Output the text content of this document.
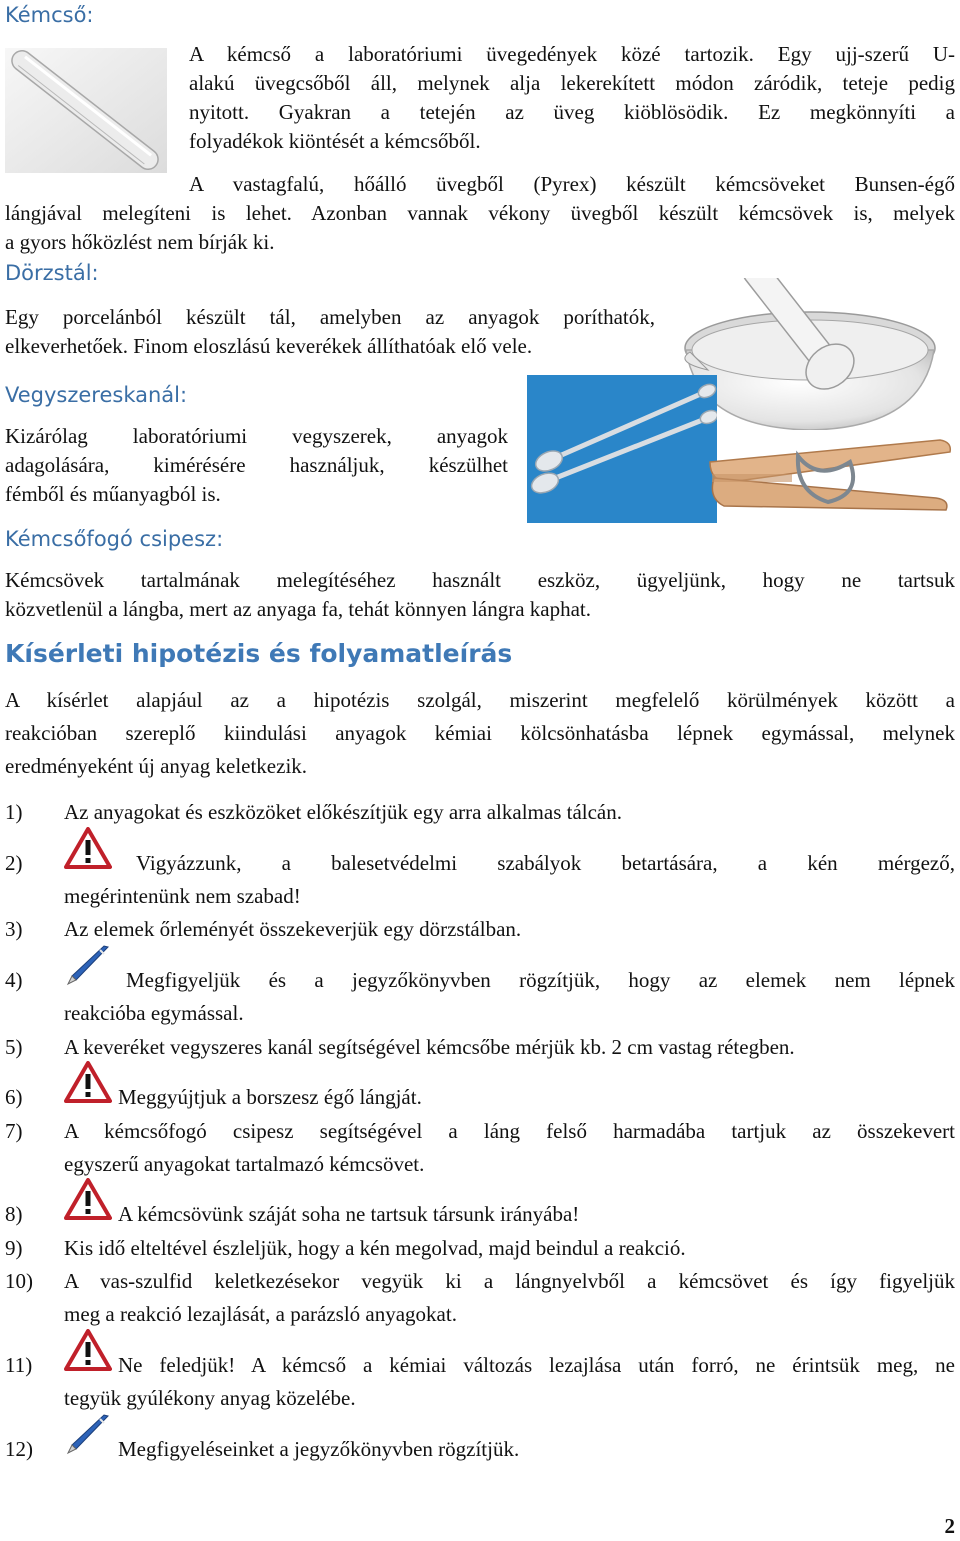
Kémcső:
A kémcső a laboratóriumi üvegedények közé tartozik. Egy ujj-szerű U-
alakú üvegcsőből áll, melynek alja lekerekített módon záródik, teteje pedig
nyitott. Gyakran a tetején az üveg kiöblösödik. Ez megkönnyíti a
folyadékok kiöntését a kémcsőből.
A vastagfalú, hőálló üvegből (Pyrex) készült kémcsöveket Bunsen-égő
lángjával melegíteni is lehet. Azonban vannak vékony üvegből készült kémcsövek is, melyek
a gyors hőközlést nem bírják ki.
Dörzstál:
Egy porcelánból készült tál, amelyben az anyagok poríthatók,
elkeverhetőek. Finom eloszlású keverékek állíthatóak elő vele.
Vegyszereskanál:
Kizárólag laboratóriumi vegyszerek, anyagok
adagolására, kimérésére használjuk, készülhet
fémből és műanyagból is.
Kémcsőfogó csipesz:
Kémcsövek tartalmának melegítéséhez használt eszköz, ügyeljünk, hogy ne tartsuk
közvetlenül a lángba, mert az anyaga fa, tehát könnyen lángra kaphat.
Kísérleti hipotézis és folyamatleírás
A kísérlet alapjául az a hipotézis szolgál, miszerint megfelelő körülmények között a
reakcióban szereplő kiindulási anyagok kémiai kölcsönhatásba lépnek egymással, melynek
eredményeként új anyag keletkezik.
1) Az anyagokat és eszközöket előkészítjük egy arra alkalmas tálcán.
2)	Vigyázzunk, a balesetvédelmi szabályok betartására, a kén mérgező,
megérintenünk nem szabad!
3) Az elemek őrleményét összekeverjük egy dörzstálban.
4)	Megfigyeljük és a jegyzőkönyvben rögzítjük, hogy az elemek nem lépnek
reakcióba egymással.
5) A keveréket vegyszeres kanál segítségével kémcsőbe mérjük kb. 2 cm vastag rétegben.
6)	Meggyújtjuk a borszesz égő lángját.
7) A kémcsőfogó csipesz segítségével a láng felső harmadába tartjuk az összekevert
egyszerű anyagokat tartalmazó kémcsövet.
8)	A kémcsövünk száját soha ne tartsuk társunk irányába!
9) Kis idő elteltével észleljük, hogy a kén megolvad, majd beindul a reakció.
10) A vas-szulfid keletkezésekor vegyük ki a lángnyelvből a kémcsövet és így figyeljük
meg a reakció lezajlását, a parázsló anyagokat.
11)	Ne feledjük! A kémcső a kémiai változás lezajlása után forró, ne érintsük meg, ne
tegyük gyúlékony anyag közelébe.
12)	Megfigyeléseinket a jegyzőkönyvben rögzítjük.
2
